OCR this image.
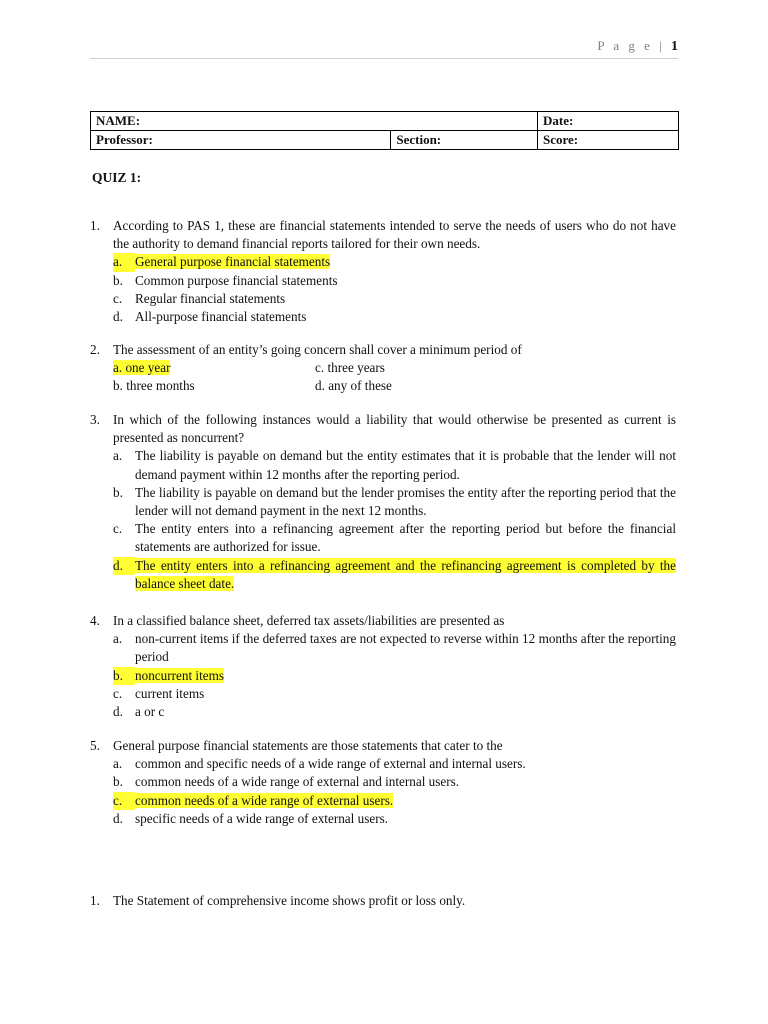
P a g e | 1
NAME:		Date:
Professor:	Section:	Score:
QUIZ 1:
1. According to PAS 1, these are financial statements intended to serve the needs of users who do not have the authority to demand financial reports tailored for their own needs.
a. General purpose financial statements
b. Common purpose financial statements
c. Regular financial statements
d. All-purpose financial statements
2. The assessment of an entity’s going concern shall cover a minimum period of
a. one year	c. three years
b. three months	d. any of these
3. In which of the following instances would a liability that would otherwise be presented as current is presented as noncurrent?
a. The liability is payable on demand but the entity estimates that it is probable that the lender will not demand payment within 12 months after the reporting period.
b. The liability is payable on demand but the lender promises the entity after the reporting period that the lender will not demand payment in the next 12 months.
c. The entity enters into a refinancing agreement after the reporting period but before the financial statements are authorized for issue.
d. The entity enters into a refinancing agreement and the refinancing agreement is completed by the balance sheet date.
4. In a classified balance sheet, deferred tax assets/liabilities are presented as
a. non-current items if the deferred taxes are not expected to reverse within 12 months after the reporting period
b. noncurrent items
c. current items
d. a or c
5. General purpose financial statements are those statements that cater to the
a. common and specific needs of a wide range of external and internal users.
b. common needs of a wide range of external and internal users.
c. common needs of a wide range of external users.
d. specific needs of a wide range of external users.
1. The Statement of comprehensive income shows profit or loss only.
